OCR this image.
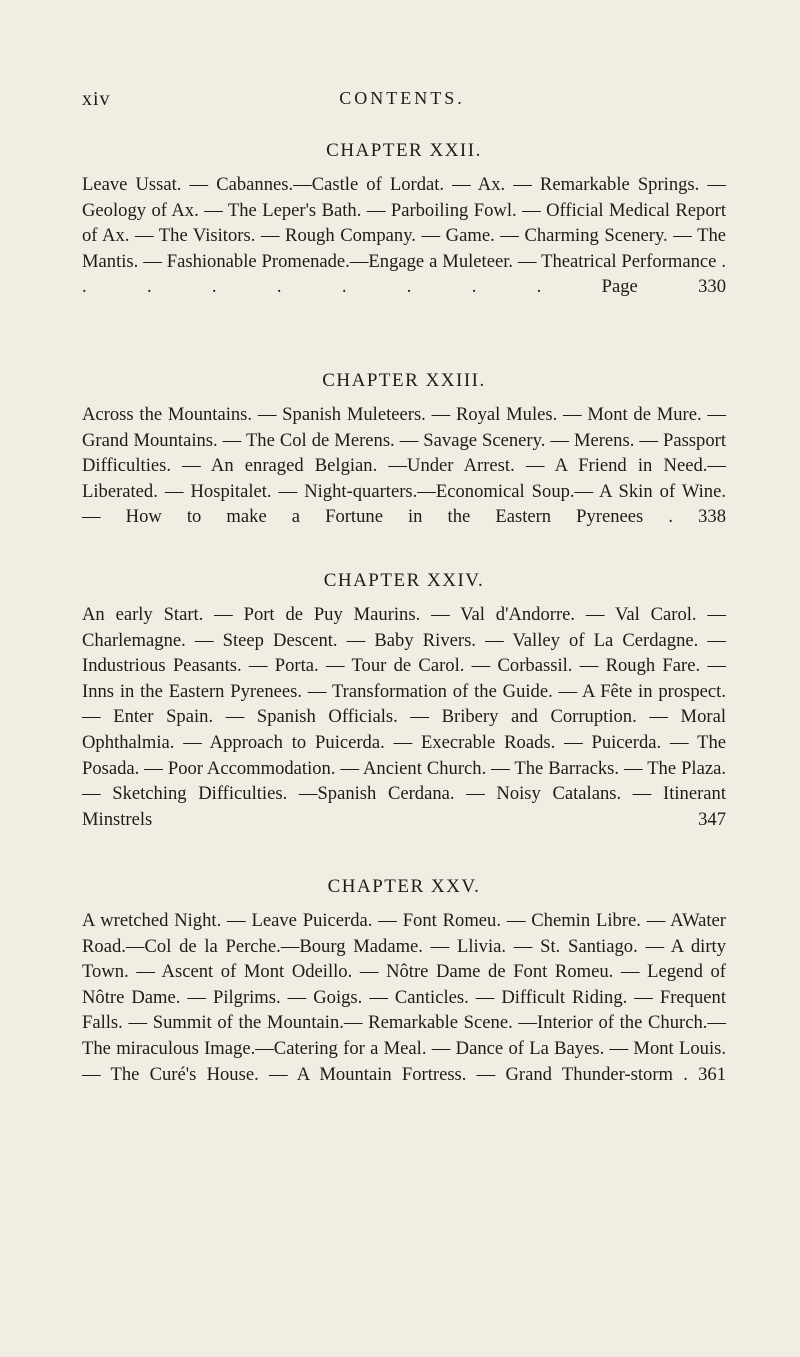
xiv	CONTENTS.
CHAPTER XXII.

Leave Ussat. — Cabannes.—Castle of Lordat. — Ax. — Remarkable Springs. — Geology of Ax. — The Leper's Bath. — Parboiling Fowl. — Official Medical Report of Ax. — The Visitors. — Rough Company. — Game. — Charming Scenery. — The Mantis. — Fashionable Promenade.—Engage a Muleteer. — Theatrical Performance . . . . . . . . .	Page 330

CHAPTER XXIII.

Across the Mountains. — Spanish Muleteers. — Royal Mules. — Mont de Mure. — Grand Mountains. — The Col de Merens. — Savage Scenery. — Merens. — Passport Difficulties. — An enraged Belgian. —Under Arrest. — A Friend in Need.—Liberated. — Hospitalet. — Night-quarters.—Economical Soup.— A Skin of Wine. — How to make a Fortune in the Eastern Pyrenees . 338

CHAPTER XXIV.

An early Start. — Port de Puy Maurins. — Val d'Andorre. — Val Carol. — Charlemagne. — Steep Descent. — Baby Rivers. — Valley of La Cerdagne. — Industrious Peasants. — Porta. — Tour de Carol. — Corbassil. — Rough Fare. — Inns in the Eastern Pyrenees. — Transformation of the Guide. — A Fête in prospect. — Enter Spain. — Spanish Officials. — Bribery and Corruption. — Moral Ophthalmia. — Approach to Puicerda. — Execrable Roads. — Puicerda. — The Posada. — Poor Accommodation. — Ancient Church. — The Barracks. — The Plaza. — Sketching Difficulties. —Spanish Cerdana. — Noisy Catalans. — Itinerant Minstrels	347

CHAPTER XXV.

A wretched Night. — Leave Puicerda. — Font Romeu. — Chemin Libre. — AWater Road.—Col de la Perche.—Bourg Madame. — Llivia. — St. Santiago. — A dirty Town. — Ascent of Mont Odeillo. — Nôtre Dame de Font Romeu. — Legend of Nôtre Dame. — Pilgrims. — Goigs. — Canticles. — Difficult Riding. — Frequent Falls. — Summit of the Mountain.— Remarkable Scene. —Interior of the Church.—The miraculous Image.—Catering for a Meal. — Dance of La Bayes. — Mont Louis. — The Curé's House. — A Mountain Fortress. — Grand Thunder-storm . 361
